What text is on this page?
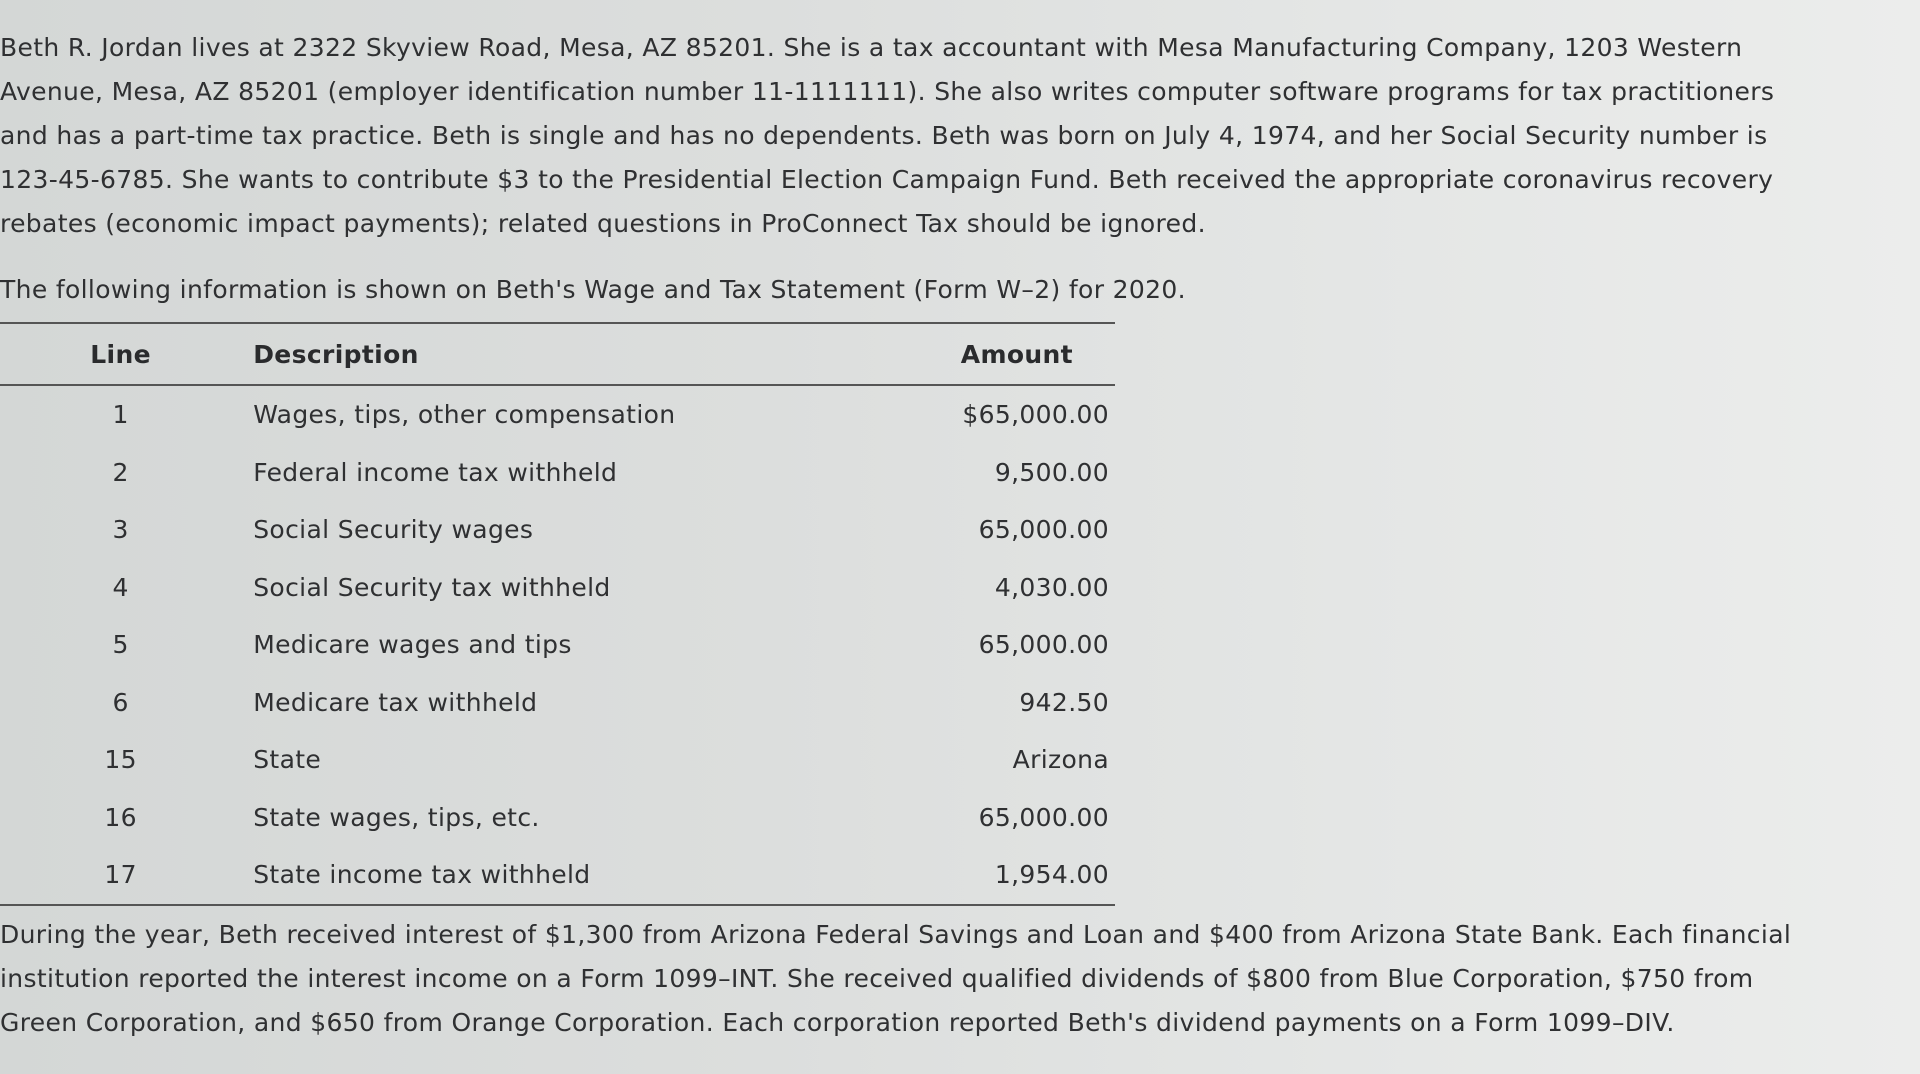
Beth R. Jordan lives at 2322 Skyview Road, Mesa, AZ 85201. She is a tax accountant with Mesa Manufacturing Company, 1203 Western
Avenue, Mesa, AZ 85201 (employer identification number 11-1111111). She also writes computer software programs for tax practitioners
and has a part-time tax practice. Beth is single and has no dependents. Beth was born on July 4, 1974, and her Social Security number is
123-45-6785. She wants to contribute $3 to the Presidential Election Campaign Fund. Beth received the appropriate coronavirus recovery
rebates (economic impact payments); related questions in ProConnect Tax should be ignored.

The following information is shown on Beth's Wage and Tax Statement (Form W–2) for 2020.

Line	Description	Amount
1	Wages, tips, other compensation	$65,000.00
2	Federal income tax withheld	9,500.00
3	Social Security wages	65,000.00
4	Social Security tax withheld	4,030.00
5	Medicare wages and tips	65,000.00
6	Medicare tax withheld	942.50
15	State	Arizona
16	State wages, tips, etc.	65,000.00
17	State income tax withheld	1,954.00

During the year, Beth received interest of $1,300 from Arizona Federal Savings and Loan and $400 from Arizona State Bank. Each financial
institution reported the interest income on a Form 1099–INT. She received qualified dividends of $800 from Blue Corporation, $750 from
Green Corporation, and $650 from Orange Corporation. Each corporation reported Beth's dividend payments on a Form 1099–DIV.
